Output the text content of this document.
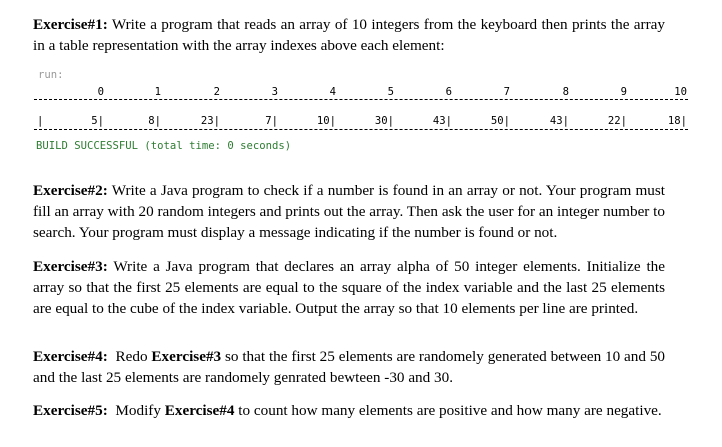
Exercise#1: Write a program that reads an array of 10 integers from the keyboard then prints the array in a table representation with the array indexes above each element:

run:
0	1	2	3	4	5	6	7	8	9	10
|	5|	8|	23|	7|	10|	30|	43|	50|	43|	22|	18|
BUILD SUCCESSFUL (total time: 0 seconds)

Exercise#2: Write a Java program to check if a number is found in an array or not. Your program must fill an array with 20 random integers and prints out the array. Then ask the user for an integer number to search. Your program must display a message indicating if the number is found or not.

Exercise#3: Write a Java program that declares an array alpha of 50 integer elements. Initialize the array so that the first 25 elements are equal to the square of the index variable and the last 25 elements are equal to the cube of the index variable. Output the array so that 10 elements per line are printed.

Exercise#4:  Redo Exercise#3 so that the first 25 elements are randomely generated between 10 and 50 and the last 25 elements are randomely genrated bewteen -30 and 30.

Exercise#5:  Modify Exercise#4 to count how many elements are positive and how many are negative.
